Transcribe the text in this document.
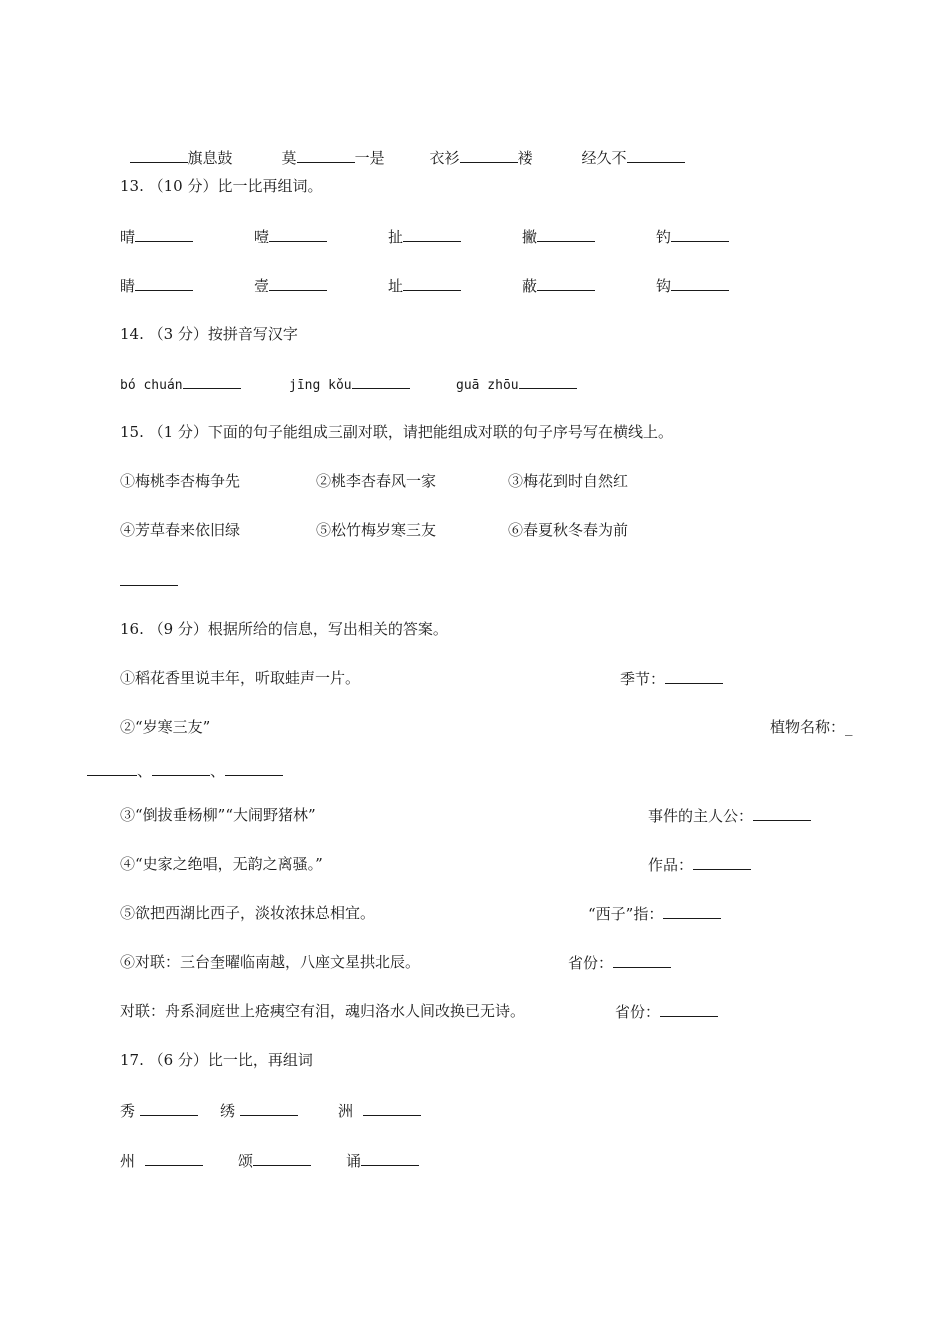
旗息鼓	莫	一是	衣衫	褛	经久不

13. （10 分）比一比再组词。
晴	噎	扯	撇	钓
睛	壹	址	蔽	钩
14. （3 分）按拼音写汉字
bó chuán	jīng kǒu	guā zhōu
15. （1 分）下面的句子能组成三副对联，请把能组成对联的句子序号写在横线上。
①梅桃李杏梅争先	②桃李杏春风一家	③梅花到时自然红
④芳草春来依旧绿	⑤松竹梅岁寒三友	⑥春夏秋冬春为前
16. （9 分）根据所给的信息，写出相关的答案。
①稻花香里说丰年，听取蛙声一片。	季节：
②“岁寒三友”	植物名称：_
、	、
③“倒拔垂杨柳”“大闹野猪林”	事件的主人公：
④“史家之绝唱，无韵之离骚。”	作品：
⑤欲把西湖比西子，淡妆浓抹总相宜。	“西子”指：
⑥对联：三台奎曜临南越，八座文星拱北辰。	省份：
对联：舟系洞庭世上疮痍空有泪，魂归洛水人间改换已无诗。	省份：
17. （6 分）比一比，再组词
秀	绣	洲
州	颂	诵
